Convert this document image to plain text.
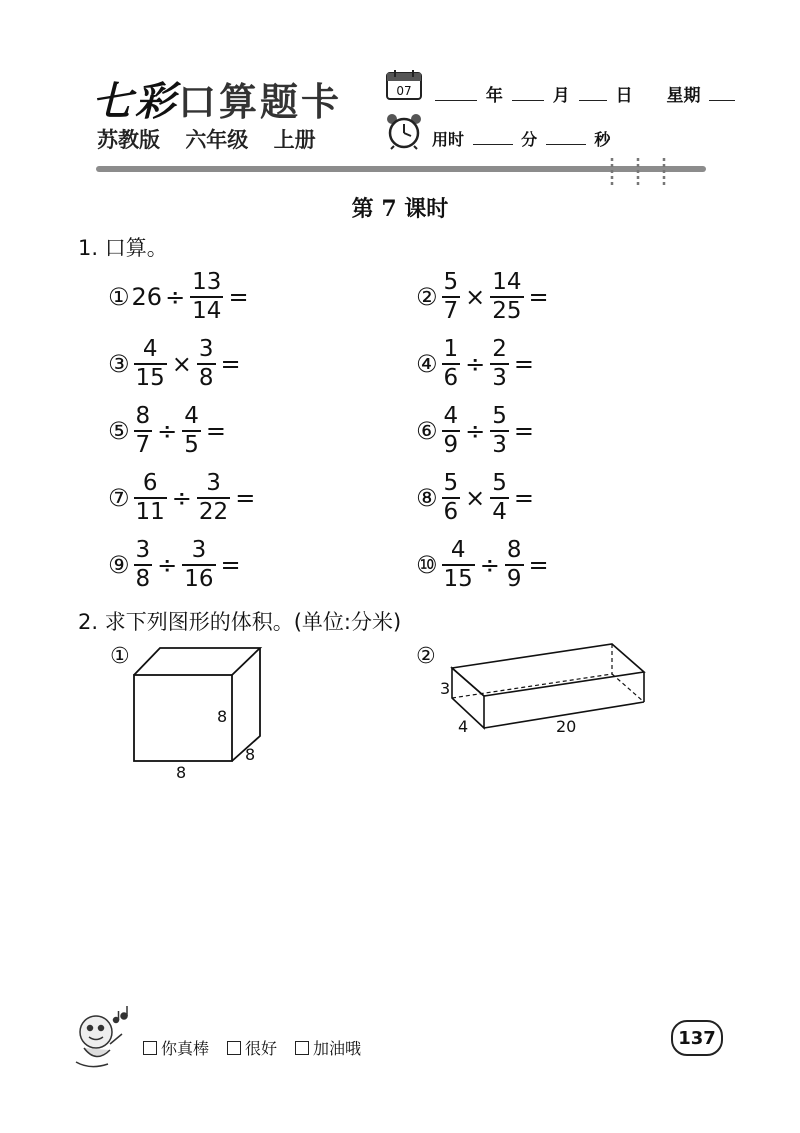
七彩口算题卡
苏教版 六年级 上册
07	年	月	日 星期
用时	分	秒
第 7 课时
1. 口算。
① $26 \div \frac{13}{14}$ =	② $\frac{5}{7} \times \frac{14}{25}$ =
③ $\frac{4}{15} \times \frac{3}{8}$ =	④ $\frac{1}{6} \div \frac{2}{3}$ =
⑤ $\frac{8}{7} \div \frac{4}{5}$ =	⑥ $\frac{4}{9} \div \frac{5}{3}$ =
⑦ $\frac{6}{11} \div \frac{3}{22}$ =	⑧ $\frac{5}{6} \times \frac{5}{4}$ =
⑨ $\frac{3}{8} \div \frac{3}{16}$ =	⑩ $\frac{4}{15} \div \frac{8}{9}$ =
2. 求下列图形的体积。(单位:分米)
①	②
8
8
8
3
4	20
你真棒 很好 加油哦	137
